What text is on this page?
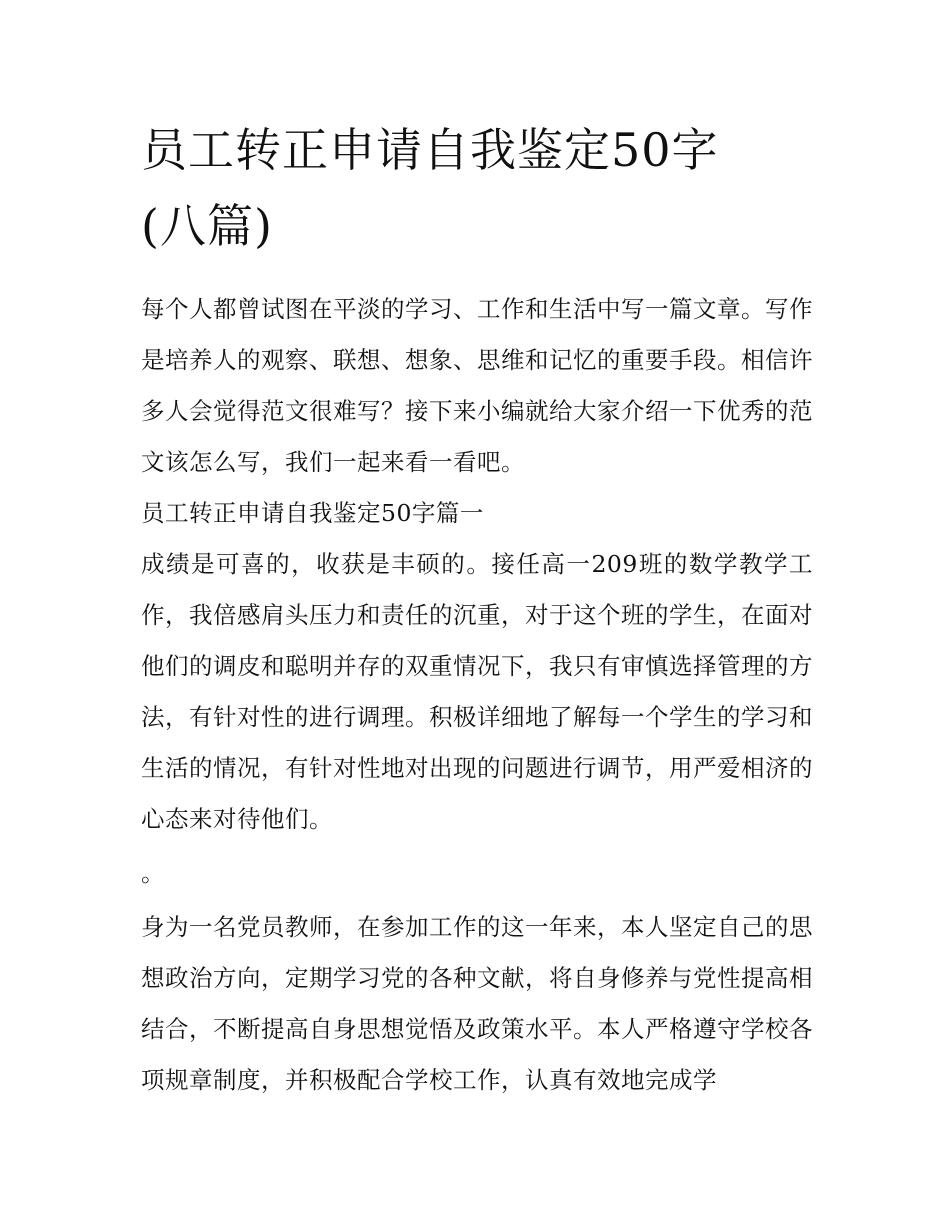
员工转正申请自我鉴定50字
(八篇)

每个人都曾试图在平淡的学习、工作和生活中写一篇文章。写作是培养人的观察、联想、想象、思维和记忆的重要手段。相信许多人会觉得范文很难写？接下来小编就给大家介绍一下优秀的范文该怎么写，我们一起来看一看吧。

员工转正申请自我鉴定50字篇一

成绩是可喜的，收获是丰硕的。接任高一209班的数学教学工作，我倍感肩头压力和责任的沉重，对于这个班的学生，在面对他们的调皮和聪明并存的双重情况下，我只有审慎选择管理的方法，有针对性的进行调理。积极详细地了解每一个学生的学习和生活的情况，有针对性地对出现的问题进行调节，用严爱相济的心态来对待他们。

。

身为一名党员教师，在参加工作的这一年来，本人坚定自己的思想政治方向，定期学习党的各种文献，将自身修养与党性提高相结合，不断提高自身思想觉悟及政策水平。本人严格遵守学校各项规章制度，并积极配合学校工作，认真有效地完成学
